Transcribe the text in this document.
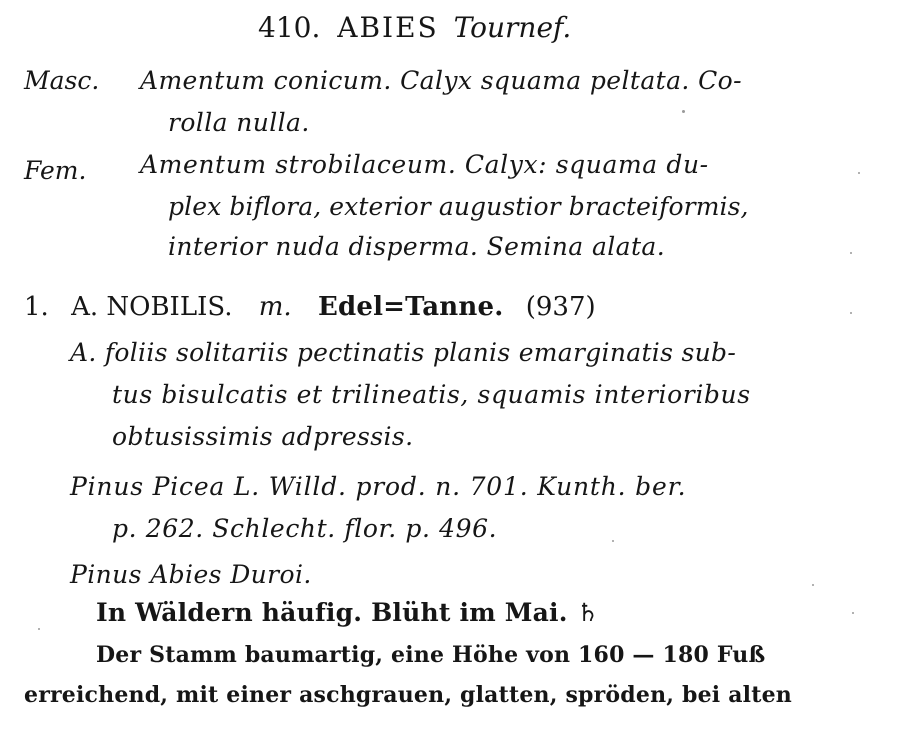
410. ABIES Tournef.
Masc. Amentum conicum. Calyx squama peltata. Co-
rolla nulla.
Fem. Amentum strobilaceum. Calyx: squama du-
plex biflora, exterior augustior bracteiformis,
interior nuda disperma. Semina alata.
1. A. NOBILIS. m. Edel=Tanne. (937)
A. foliis solitariis pectinatis planis emarginatis sub-
tus bisulcatis et trilineatis, squamis interioribus
obtusissimis adpressis.
Pinus Picea L. Willd. prod. n. 701. Kunth. ber.
p. 262. Schlecht. flor. p. 496.
Pinus Abies Duroi.
In Wäldern häufig. Blüht im Mai. ♄
Der Stamm baumartig, eine Höhe von 160 — 180 Fuß
erreichend, mit einer aschgrauen, glatten, spröden, bei alten
